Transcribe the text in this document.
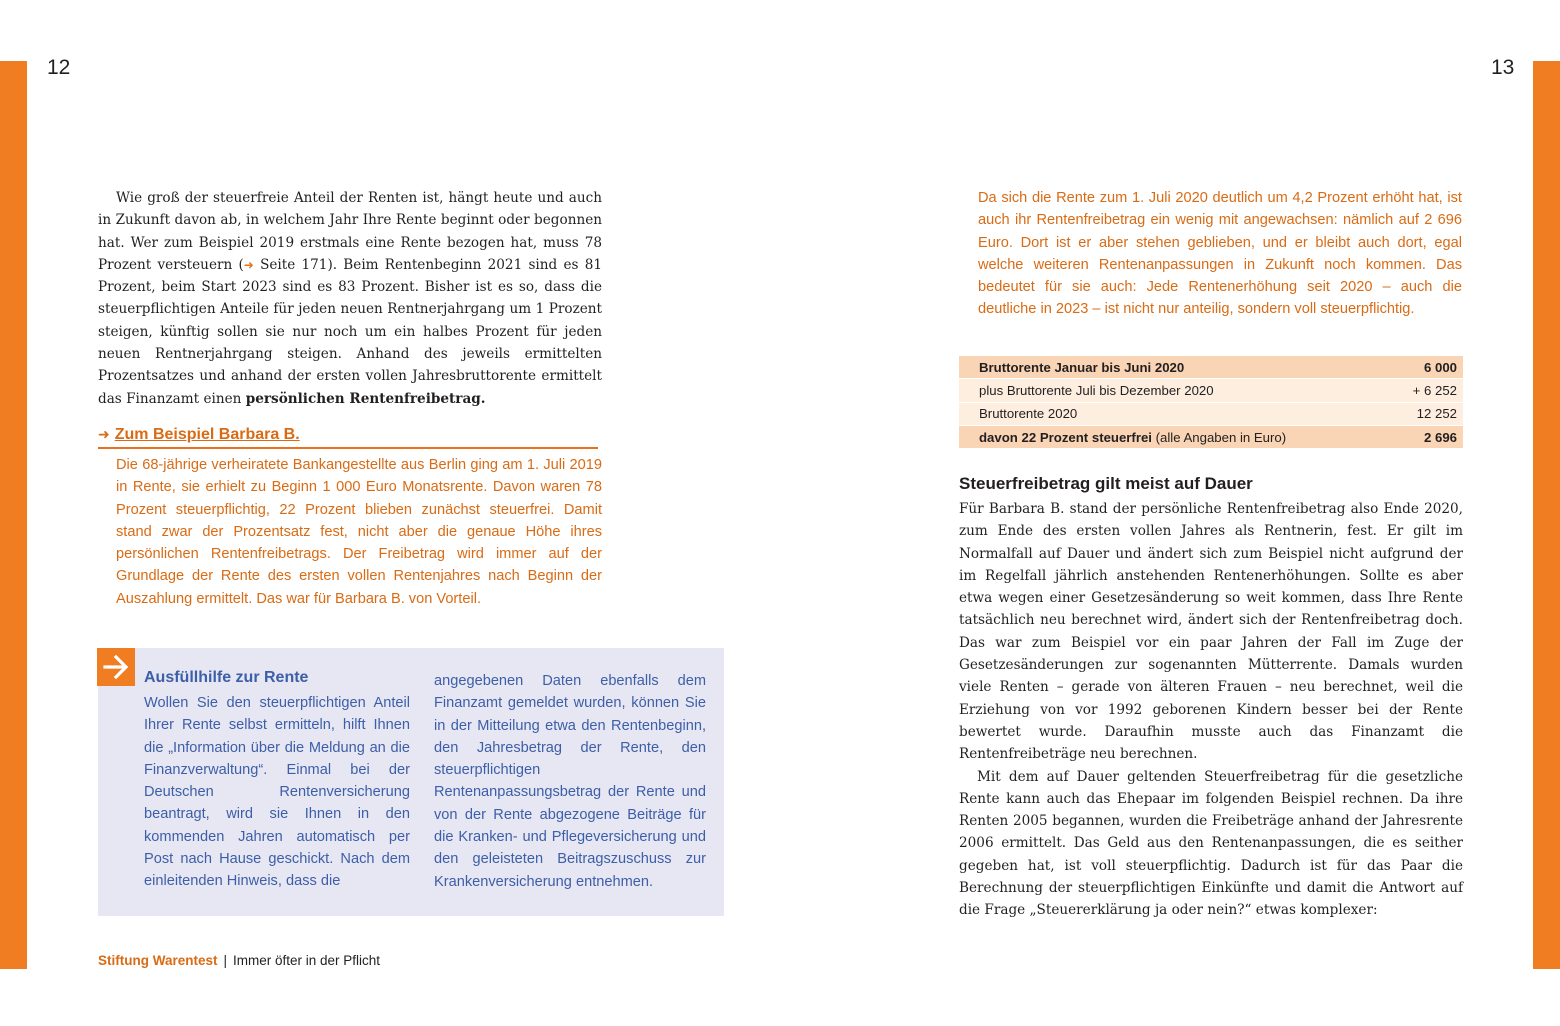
12	13

Wie groß der steuerfreie Anteil der Renten ist, hängt heute und auch in Zukunft davon ab, in welchem Jahr Ihre Rente beginnt oder begonnen hat. Wer zum Beispiel 2019 erstmals eine Rente bezogen hat, muss 78 Prozent versteuern (➜ Seite 171). Beim Rentenbeginn 2021 sind es 81 Prozent, beim Start 2023 sind es 83 Prozent. Bisher ist es so, dass die steuerpflichtigen Anteile für jeden neuen Rentnerjahrgang um 1 Prozent steigen, künftig sollen sie nur noch um ein halbes Prozent für jeden neuen Rentnerjahrgang steigen. Anhand des jeweils ermittelten Prozentsatzes und anhand der ersten vollen Jahresbruttorente ermittelt das Finanzamt einen persönlichen Rentenfreibetrag.

➜ Zum Beispiel Barbara B.
Die 68-jährige verheiratete Bankangestellte aus Berlin ging am 1. Juli 2019 in Rente, sie erhielt zu Beginn 1 000 Euro Monatsrente. Davon waren 78 Prozent steuerpflichtig, 22 Prozent blieben zunächst steuerfrei. Damit stand zwar der Prozentsatz fest, nicht aber die genaue Höhe ihres persönlichen Rentenfreibetrags. Der Freibetrag wird immer auf der Grundlage der Rente des ersten vollen Rentenjahres nach Beginn der Auszahlung ermittelt. Das war für Barbara B. von Vorteil.
Ausfüllhilfe zur Rente
Wollen Sie den steuerpflichtigen Anteil Ihrer Rente selbst ermitteln, hilft Ihnen die „Information über die Meldung an die Finanzverwaltung“. Einmal bei der Deutschen Rentenversicherung beantragt, wird sie Ihnen in den kommenden Jahren automatisch per Post nach Hause geschickt. Nach dem einleitenden Hinweis, dass die
angegebenen Daten ebenfalls dem Finanzamt gemeldet wurden, können Sie in der Mitteilung etwa den Rentenbeginn, den Jahresbetrag der Rente, den steuerpflichtigen Rentenanpassungsbetrag der Rente und von der Rente abgezogene Beiträge für die Kranken- und Pflegeversicherung und den geleisteten Beitragszuschuss zur Krankenversicherung entnehmen.
Stiftung Warentest | Immer öfter in der Pflicht
Da sich die Rente zum 1. Juli 2020 deutlich um 4,2 Prozent erhöht hat, ist auch ihr Rentenfreibetrag ein wenig mit angewachsen: nämlich auf 2 696 Euro. Dort ist er aber stehen geblieben, und er bleibt auch dort, egal welche weiteren Rentenanpassungen in Zukunft noch kommen. Das bedeutet für sie auch: Jede Rentenerhöhung seit 2020 – auch die deutliche in 2023 – ist nicht nur anteilig, sondern voll steuerpflichtig.
Bruttorente Januar bis Juni 2020	6 000
plus Bruttorente Juli bis Dezember 2020	+ 6 252
Bruttorente 2020	12 252
davon 22 Prozent steuerfrei (alle Angaben in Euro)	2 696
Steuerfreibetrag gilt meist auf Dauer

Für Barbara B. stand der persönliche Rentenfreibetrag also Ende 2020, zum Ende des ersten vollen Jahres als Rentnerin, fest. Er gilt im Normalfall auf Dauer und ändert sich zum Beispiel nicht aufgrund der im Regelfall jährlich anstehenden Rentenerhöhungen. Sollte es aber etwa wegen einer Gesetzesänderung so weit kommen, dass Ihre Rente tatsächlich neu berechnet wird, ändert sich der Rentenfreibetrag doch. Das war zum Beispiel vor ein paar Jahren der Fall im Zuge der Gesetzesänderungen zur sogenannten Mütterrente. Damals wurden viele Renten – gerade von älteren Frauen – neu berechnet, weil die Erziehung von vor 1992 geborenen Kindern besser bei der Rente bewertet wurde. Daraufhin musste auch das Finanzamt die Rentenfreibeträge neu berechnen.

Mit dem auf Dauer geltenden Steuerfreibetrag für die gesetzliche Rente kann auch das Ehepaar im folgenden Beispiel rechnen. Da ihre Renten 2005 begannen, wurden die Freibeträge anhand der Jahresrente 2006 ermittelt. Das Geld aus den Rentenanpassungen, die es seither gegeben hat, ist voll steuerpflichtig. Dadurch ist für das Paar die Berechnung der steuerpflichtigen Einkünfte und damit die Antwort auf die Frage „Steuererklärung ja oder nein?“ etwas komplexer:
